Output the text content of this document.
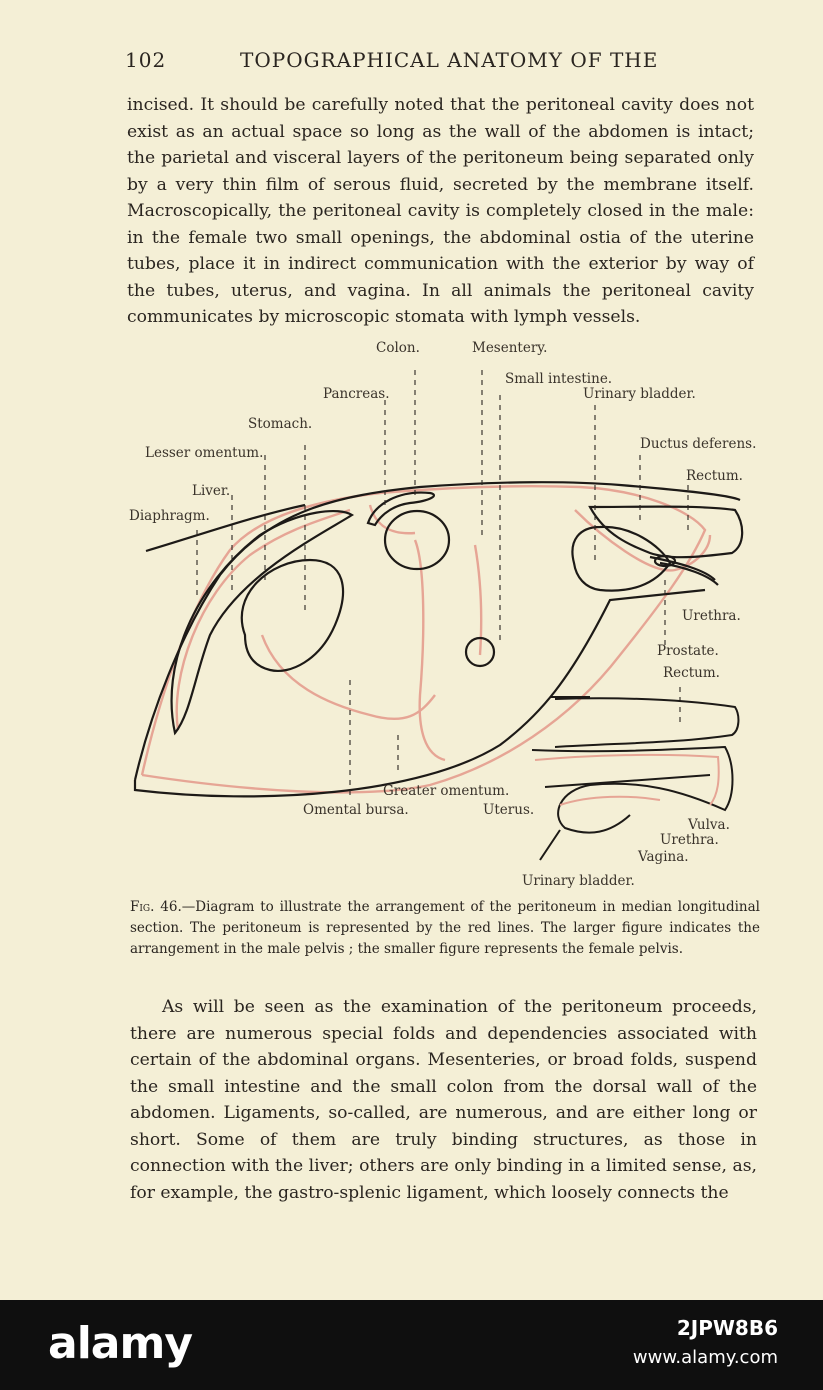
102	TOPOGRAPHICAL ANATOMY OF THE
incised. It should be carefully noted that the peritoneal cavity does not exist as an actual space so long as the wall of the abdomen is intact; the parietal and visceral layers of the peritoneum being separated only by a very thin film of serous fluid, secreted by the membrane itself. Macroscopically, the peritoneal cavity is completely closed in the male: in the female two small openings, the abdominal ostia of the uterine tubes, place it in indirect communication with the exterior by way of the tubes, uterus, and vagina. In all animals the peritoneal cavity communicates by microscopic stomata with lymph vessels.
Colon.	Mesentery.
Small intestine.
Pancreas.	Urinary bladder.
Stomach.
Ductus deferens.
Lesser omentum.
Rectum.
Liver.
Diaphragm.
Urethra.
Prostate.
Rectum.
Greater omentum.
Omental bursa.	Uterus.
Vulva.
Urethra.
Vagina.
Urinary bladder.
Fig. 46.—Diagram to illustrate the arrangement of the peritoneum in median longitudinal section. The peritoneum is represented by the red lines. The larger figure indicates the arrangement in the male pelvis ; the smaller figure represents the female pelvis.
As will be seen as the examination of the peritoneum proceeds, there are numerous special folds and dependencies associated with certain of the abdominal organs. Mesenteries, or broad folds, suspend the small intestine and the small colon from the dorsal wall of the abdomen. Ligaments, so-called, are numerous, and are either long or short. Some of them are truly binding structures, as those in connection with the liver; others are only binding in a limited sense, as, for example, the gastro-splenic ligament, which loosely connects the
alamy	2JPW8B6
www.alamy.com
